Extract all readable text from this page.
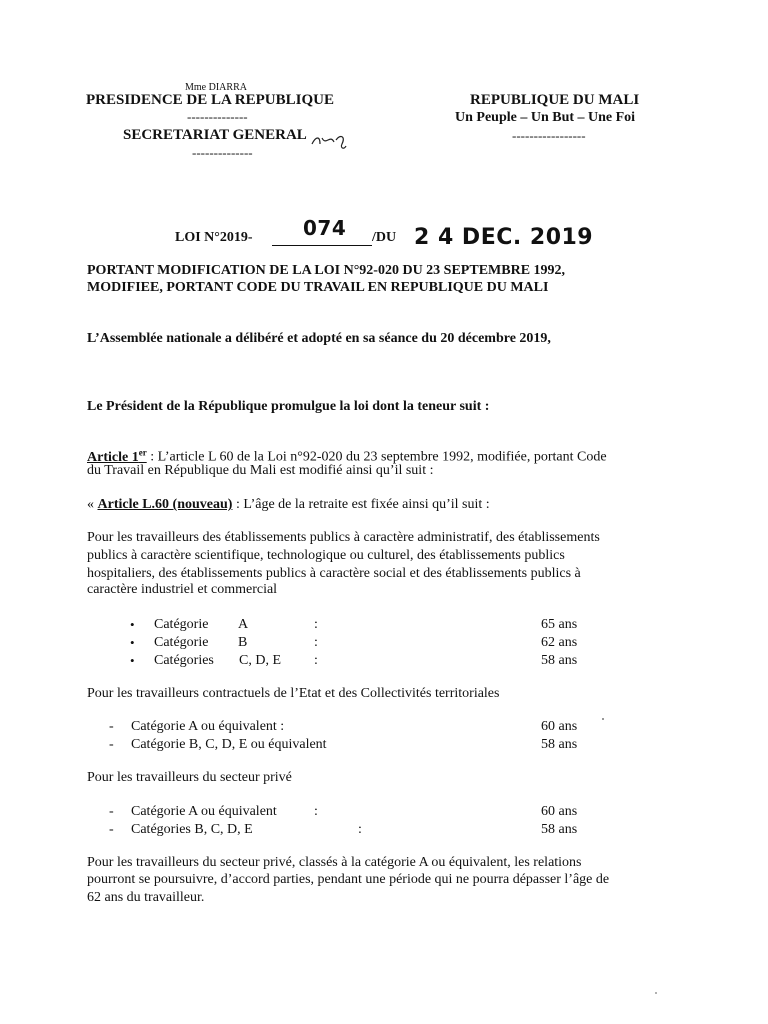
Mme DIARRA
PRESIDENCE DE LA REPUBLIQUE
--------------
SECRETARIAT GENERAL
--------------
REPUBLIQUE DU MALI
Un Peuple – Un But – Une Foi
-----------------
LOI N°2019-	074 /DU 2 4 DEC. 2019
PORTANT MODIFICATION DE LA LOI N°92-020 DU 23 SEPTEMBRE 1992,
MODIFIEE, PORTANT CODE DU TRAVAIL EN REPUBLIQUE DU MALI
L’Assemblée nationale a délibéré et adopté en sa séance du 20 décembre 2019,
Le Président de la République promulgue la loi dont la teneur suit :
Article 1er : L’article L 60 de la Loi n°92-020 du 23 septembre 1992, modifiée, portant Code
du Travail en République du Mali est modifié ainsi qu’il suit :
« Article L.60 (nouveau) : L’âge de la retraite est fixée ainsi qu’il suit :
Pour les travailleurs des établissements publics à caractère administratif, des établissements
publics à caractère scientifique, technologique ou culturel, des établissements publics
hospitaliers, des établissements publics à caractère social et des établissements publics à
caractère industriel et commercial
• Catégorie A	:	65 ans
• Catégorie B	:	62 ans
• Catégories C, D, E :	58 ans
Pour les travailleurs contractuels de l’Etat et des Collectivités territoriales
- Catégorie A ou équivalent :	60 ans
- Catégorie B, C, D, E ou équivalent	58 ans
Pour les travailleurs du secteur privé
- Catégorie A ou équivalent	:	60 ans
- Catégories B, C, D, E	:	58 ans
Pour les travailleurs du secteur privé, classés à la catégorie A ou équivalent, les relations
pourront se poursuivre, d’accord parties, pendant une période qui ne pourra dépasser l’âge de
62 ans du travailleur.
